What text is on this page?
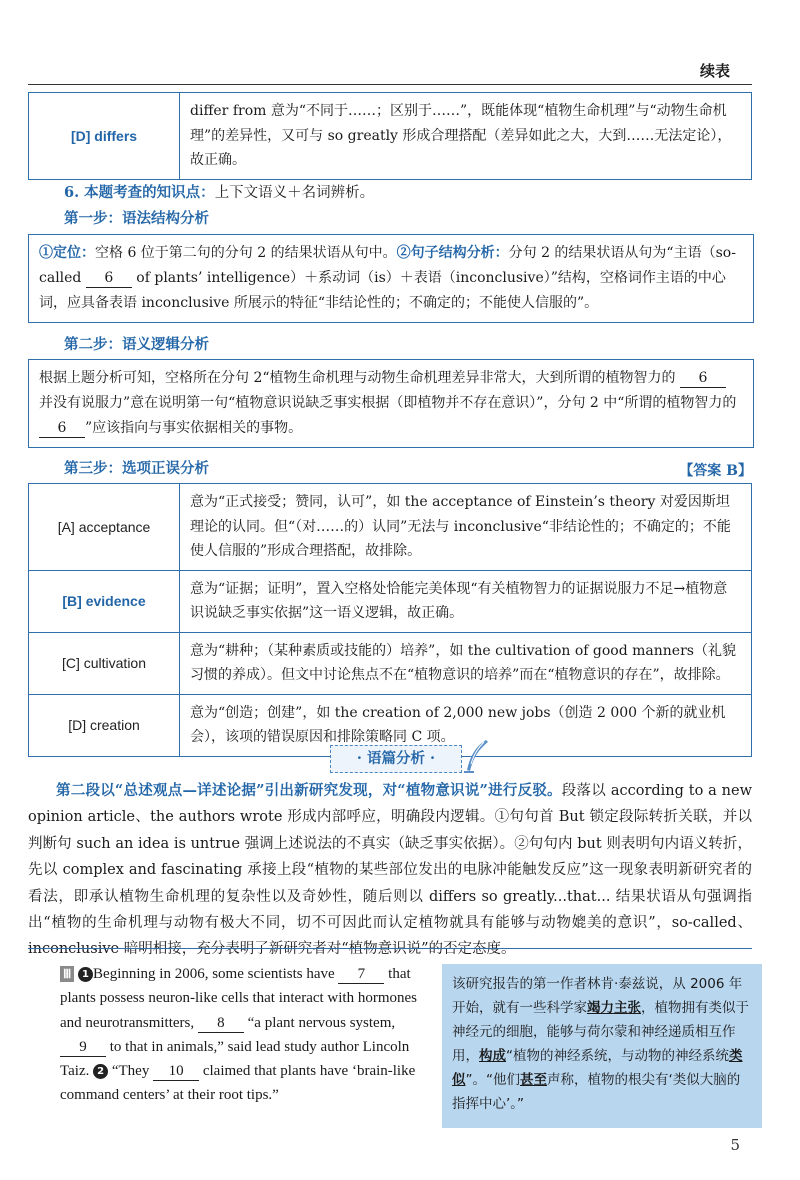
续表
[D] differs	differ from 意为“不同于……；区别于……”，既能体现“植物生命机理”与“动物生命机理”的差异性，又可与 so greatly 形成合理搭配（差异如此之大，大到……无法定论），故正确。
6. 本题考查的知识点：上下文语义＋名词辨析。
第一步：语法结构分析
①定位：空格 6 位于第二句的分句 2 的结果状语从句中。②句子结构分析：分句 2 的结果状语从句为“主语（so-called 6 of plants’ intelligence）＋系动词（is）＋表语（inconclusive）”结构，空格词作主语的中心词，应具备表语 inconclusive 所展示的特征“非结论性的；不确定的；不能使人信服的”。
第二步：语义逻辑分析
根据上题分析可知，空格所在分句 2“植物生命机理与动物生命机理差异非常大，大到所谓的植物智力的 6 并没有说服力”意在说明第一句“植物意识说缺乏事实根据（即植物并不存在意识）”，分句 2 中“所谓的植物智力的 6 ”应该指向与事实依据相关的事物。
第三步：选项正误分析	【答案 B】
[A] acceptance	意为“正式接受；赞同，认可”，如 the acceptance of Einstein’s theory 对爱因斯坦理论的认同。但“（对……的）认同”无法与 inconclusive“非结论性的；不确定的；不能使人信服的”形成合理搭配，故排除。
[B] evidence	意为“证据；证明”，置入空格处恰能完美体现“有关植物智力的证据说服力不足→植物意识说缺乏事实依据”这一语义逻辑，故正确。
[C] cultivation	意为“耕种；（某种素质或技能的）培养”，如 the cultivation of good manners（礼貌习惯的养成）。但文中讨论焦点不在“植物意识的培养”而在“植物意识的存在”，故排除。
[D] creation	意为“创造；创建”，如 the creation of 2,000 new jobs（创造 2 000 个新的就业机会），该项的错误原因和排除策略同 C 项。
· 语篇分析 ·
第二段以“总述观点—详述论据”引出新研究发现，对“植物意识说”进行反驳。段落以 according to a new opinion article、the authors wrote 形成内部呼应，明确段内逻辑。①句句首 But 锁定段际转折关联，并以判断句 such an idea is untrue 强调上述说法的不真实（缺乏事实依据）。②句句内 but 则表明句内语义转折，先以 complex and fascinating 承接上段“植物的某些部位发出的电脉冲能触发反应”这一现象表明新研究者的看法，即承认植物生命机理的复杂性以及奇妙性，随后则以 differs so greatly...that... 结果状语从句强调指出“植物的生命机理与动物有极大不同，切不可因此而认定植物就具有能够与动物媲美的意识”，so-called、inconclusive 暗明相接，充分表明了新研究者对“植物意识说”的否定态度。
Ⅲ 1 Beginning in 2006, some scientists have 7 that plants possess neuron-like cells that interact with hormones and neurotransmitters, 8 “a plant nervous system, 9 to that in animals,” said lead study author Lincoln Taiz. 2 “They 10 claimed that plants have ‘brain-like command centers’ at their root tips.”
该研究报告的第一作者林肯·泰兹说，从 2006 年开始，就有一些科学家竭力主张，植物拥有类似于神经元的细胞，能够与荷尔蒙和神经递质相互作用，构成“植物的神经系统，与动物的神经系统类似”。“他们甚至声称，植物的根尖有‘类似大脑的指挥中心’。”
5
